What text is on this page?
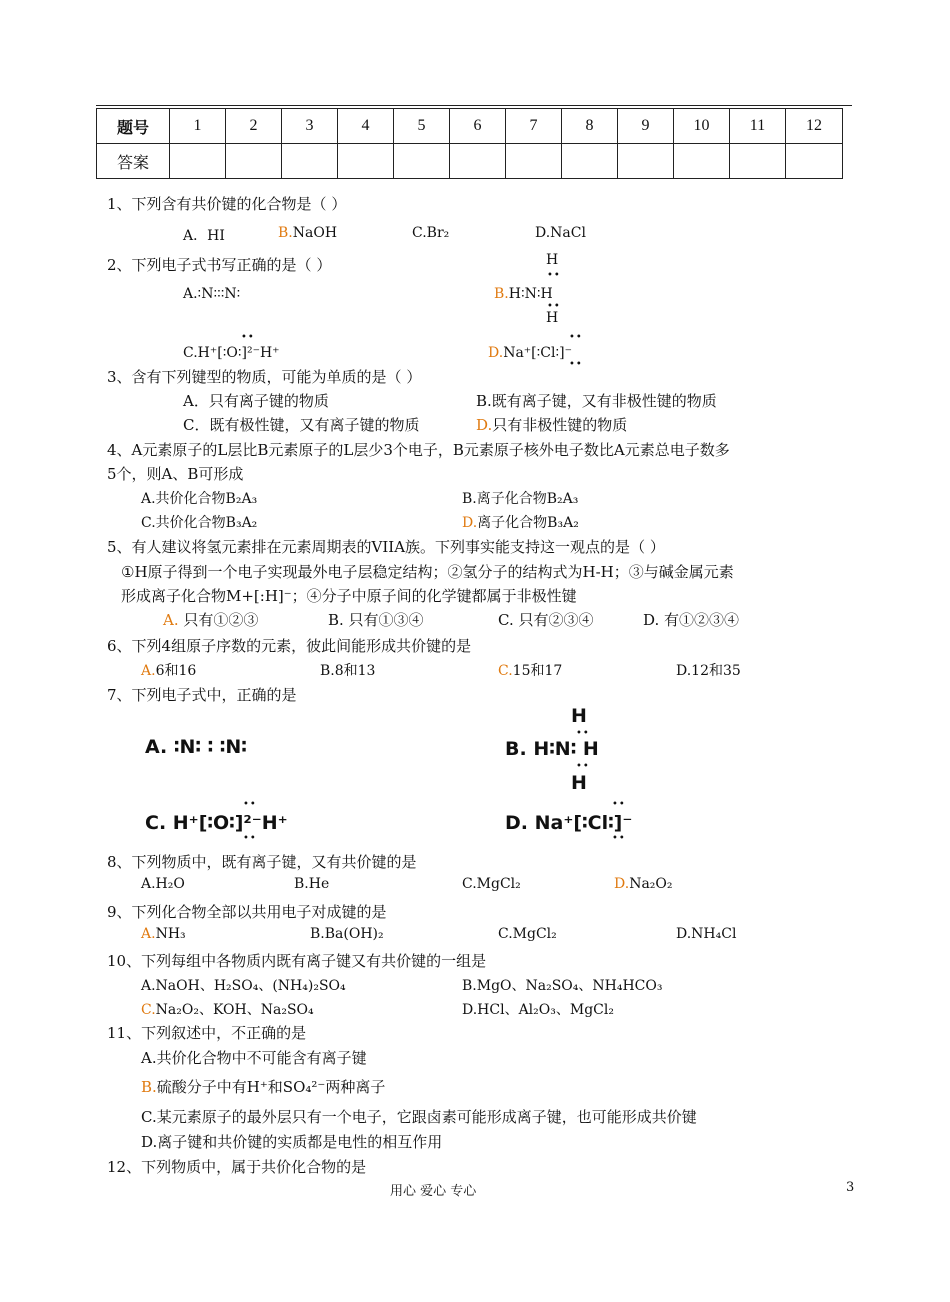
题号	1	2	3	4	5	6	7	8	9	10	11	12
答案												
1、下列含有共价键的化合物是（ ）
A．HI	B.NaOH	C.Br₂	D.NaCl
2、下列电子式书写正确的是（ ）	H
••
A.∶N∶∶∶N∶	B.H∶N∶H
••
H
••	••
C.H⁺[∶O∶]²⁻H⁺	D.Na⁺[∶Cl∶]⁻
••
3、含有下列键型的物质，可能为单质的是（ ）
A．只有离子键的物质	B.既有离子键，又有非极性键的物质
C．既有极性键，又有离子键的物质	D.只有非极性键的物质
4、A元素原子的L层比B元素原子的L层少3个电子，B元素原子核外电子数比A元素总电子数多
5个，则A、B可形成
A.共价化合物B₂A₃	B.离子化合物B₂A₃
C.共价化合物B₃A₂	D.离子化合物B₃A₂
5、有人建议将氢元素排在元素周期表的VIIA族。下列事实能支持这一观点的是（ ）
①H原子得到一个电子实现最外电子层稳定结构；②氢分子的结构式为H-H；③与碱金属元素
形成离子化合物M+[:H]⁻；④分子中原子间的化学键都属于非极性键
A. 只有①②③	B. 只有①③④	C. 只有②③④	D. 有①②③④
6、下列4组原子序数的元素，彼此间能形成共价键的是
A.6和16	B.8和13	C.15和17	D.12和35
7、下列电子式中，正确的是
H
••
A. ∶N∶ ∶ ∶N∶	B. H∶N∶ H
••
H
••	••
C. H⁺[∶O∶]²⁻H⁺	D. Na⁺[∶Cl∶]⁻
••	••
8、下列物质中，既有离子键，又有共价键的是
A.H₂O	B.He	C.MgCl₂	D.Na₂O₂
9、下列化合物全部以共用电子对成键的是
A.NH₃	B.Ba(OH)₂	C.MgCl₂	D.NH₄Cl
10、下列每组中各物质内既有离子键又有共价键的一组是
A.NaOH、H₂SO₄、(NH₄)₂SO₄	B.MgO、Na₂SO₄、NH₄HCO₃
C.Na₂O₂、KOH、Na₂SO₄	D.HCl、Al₂O₃、MgCl₂
11、下列叙述中，不正确的是
A.共价化合物中不可能含有离子键
B.硫酸分子中有H⁺和SO₄²⁻两种离子
C.某元素原子的最外层只有一个电子，它跟卤素可能形成离子键，也可能形成共价键
D.离子键和共价键的实质都是电性的相互作用
12、下列物质中，属于共价化合物的是
用心 爱心 专心	3
